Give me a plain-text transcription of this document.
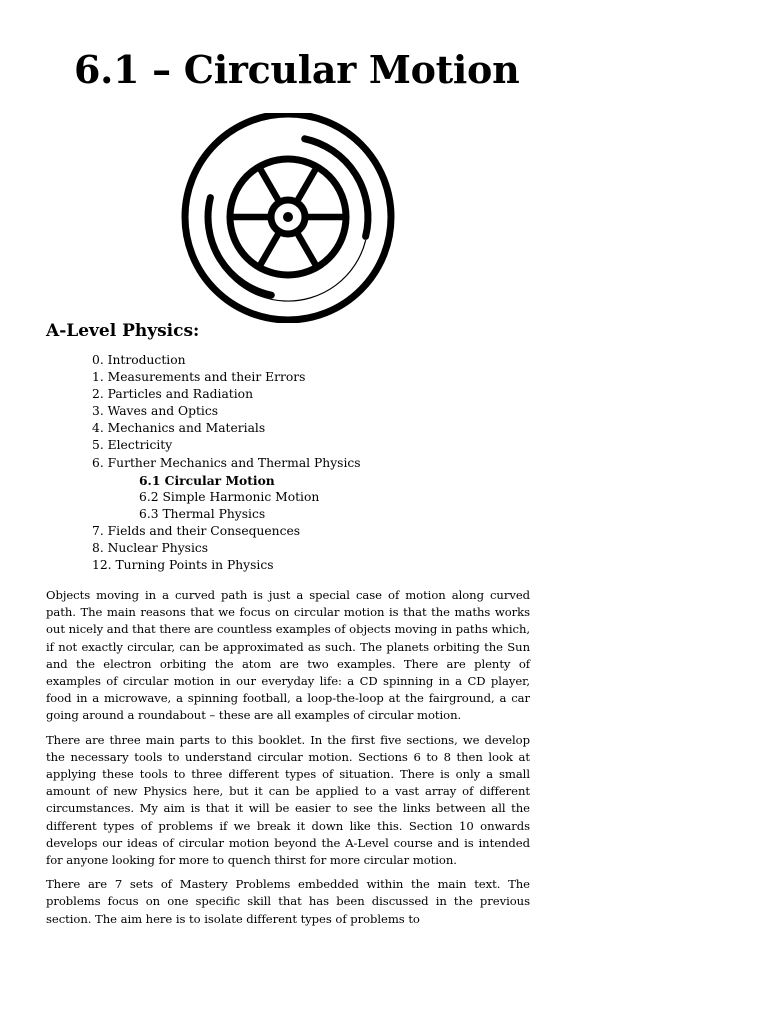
6.1 – Circular Motion
A-Level Physics:
0. Introduction
1. Measurements and their Errors
2. Particles and Radiation
3. Waves and Optics
4. Mechanics and Materials
5. Electricity
6. Further Mechanics and Thermal Physics
6.1 Circular Motion
6.2 Simple Harmonic Motion
6.3 Thermal Physics
7. Fields and their Consequences
8. Nuclear Physics
12. Turning Points in Physics

Objects moving in a curved path is just a special case of motion along curved path. The main reasons that we focus on circular motion is that the maths works out nicely and that there are countless examples of objects moving in paths which, if not exactly circular, can be approximated as such. The planets orbiting the Sun and the electron orbiting the atom are two examples. There are plenty of examples of circular motion in our everyday life: a CD spinning in a CD player, food in a microwave, a spinning football, a loop-the-loop at the fairground, a car going around a roundabout – these are all examples of circular motion.

There are three main parts to this booklet. In the first five sections, we develop the necessary tools to understand circular motion. Sections 6 to 8 then look at applying these tools to three different types of situation. There is only a small amount of new Physics here, but it can be applied to a vast array of different circumstances. My aim is that it will be easier to see the links between all the different types of problems if we break it down like this. Section 10 onwards develops our ideas of circular motion beyond the A-Level course and is intended for anyone looking for more to quench thirst for more circular motion.

There are 7 sets of Mastery Problems embedded within the main text. The problems focus on one specific skill that has been discussed in the previous section. The aim here is to isolate different types of problems to
